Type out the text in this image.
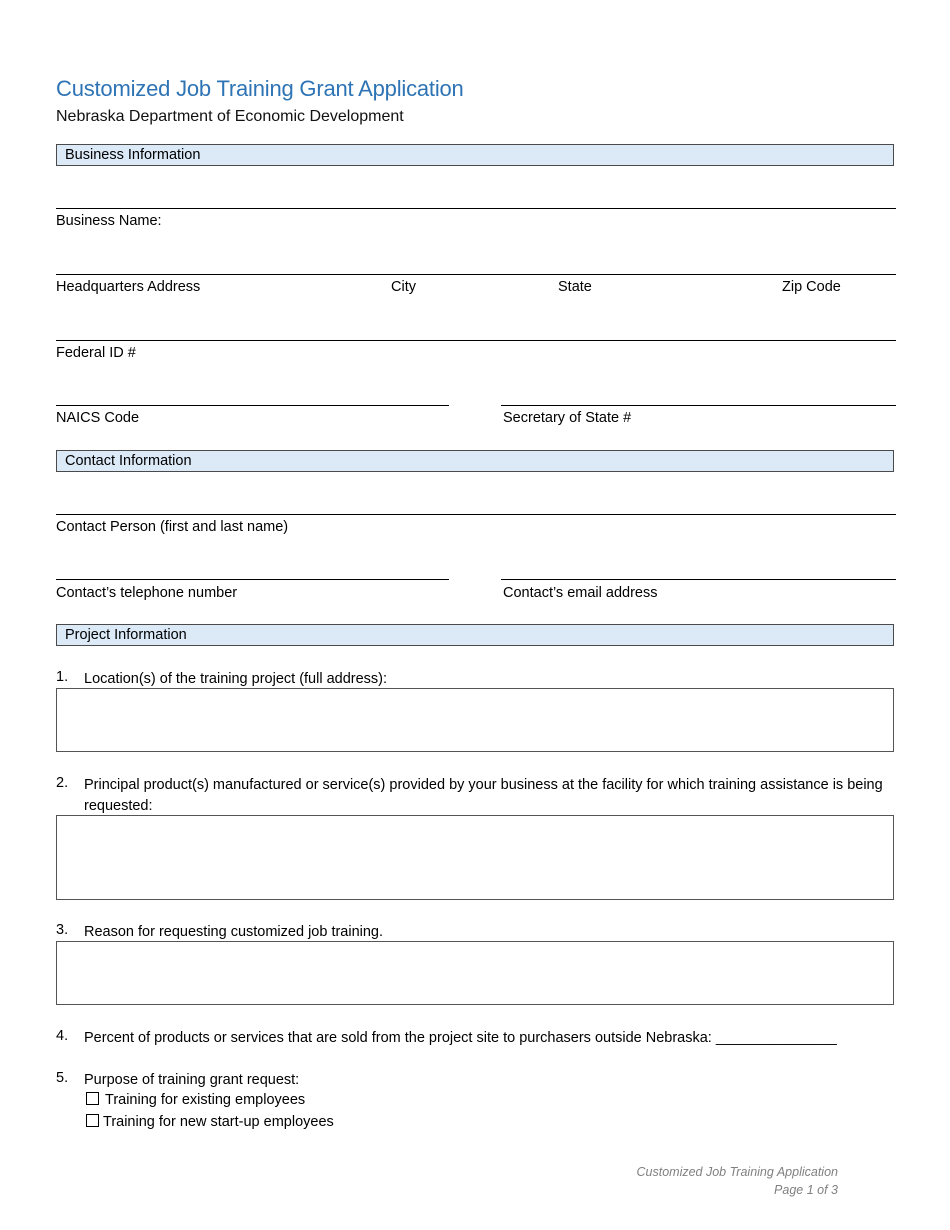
Customized Job Training Grant Application
Nebraska Department of Economic Development
Business Information
Business Name:
Headquarters Address	City	State	Zip Code
Federal ID #
NAICS Code	Secretary of State #
Contact Information
Contact Person (first and last name)
Contact’s telephone number	Contact’s email address
Project Information
1. Location(s) of the training project (full address):
2. Principal product(s) manufactured or service(s) provided by your business at the facility for which training assistance is being requested:
3. Reason for requesting customized job training.
4. Percent of products or services that are sold from the project site to purchasers outside Nebraska: _______________
5. Purpose of training grant request:
Training for existing employees
Training for new start-up employees
Customized Job Training Application
Page 1 of 3
